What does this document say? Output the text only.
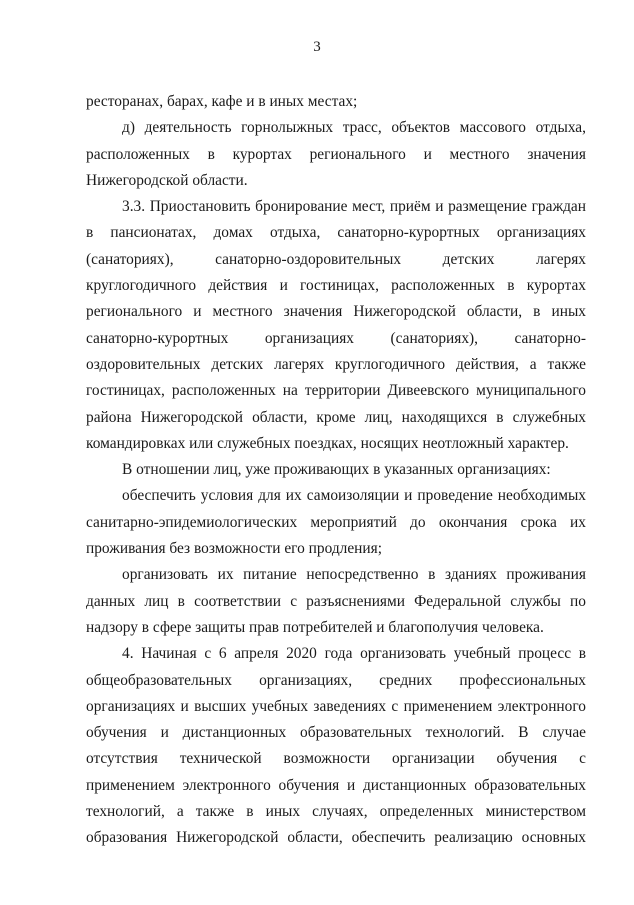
3

ресторанах, барах, кафе и в иных местах;

д) деятельность горнолыжных трасс, объектов массового отдыха, расположенных в курортах регионального и местного значения Нижегородской области.

3.3. Приостановить бронирование мест, приём и размещение граждан в пансионатах, домах отдыха, санаторно-курортных организациях (санаториях), санаторно-оздоровительных детских лагерях круглогодичного действия и гостиницах, расположенных в курортах регионального и местного значения Нижегородской области, в иных санаторно-курортных организациях (санаториях), санаторно-оздоровительных детских лагерях круглогодичного действия, а также гостиницах, расположенных на территории Дивеевского муниципального района Нижегородской области, кроме лиц, находящихся в служебных командировках или служебных поездках, носящих неотложный характер.

В отношении лиц, уже проживающих в указанных организациях:

обеспечить условия для их самоизоляции и проведение необходимых санитарно-эпидемиологических мероприятий до окончания срока их проживания без возможности его продления;

организовать их питание непосредственно в зданиях проживания данных лиц в соответствии с разъяснениями Федеральной службы по надзору в сфере защиты прав потребителей и благополучия человека.

4. Начиная с 6 апреля 2020 года организовать учебный процесс в общеобразовательных организациях, средних профессиональных организациях и высших учебных заведениях с применением электронного обучения и дистанционных образовательных технологий. В случае отсутствия технической возможности организации обучения с применением электронного обучения и дистанционных образовательных технологий, а также в иных случаях, определенных министерством образования Нижегородской области, обеспечить реализацию основных
